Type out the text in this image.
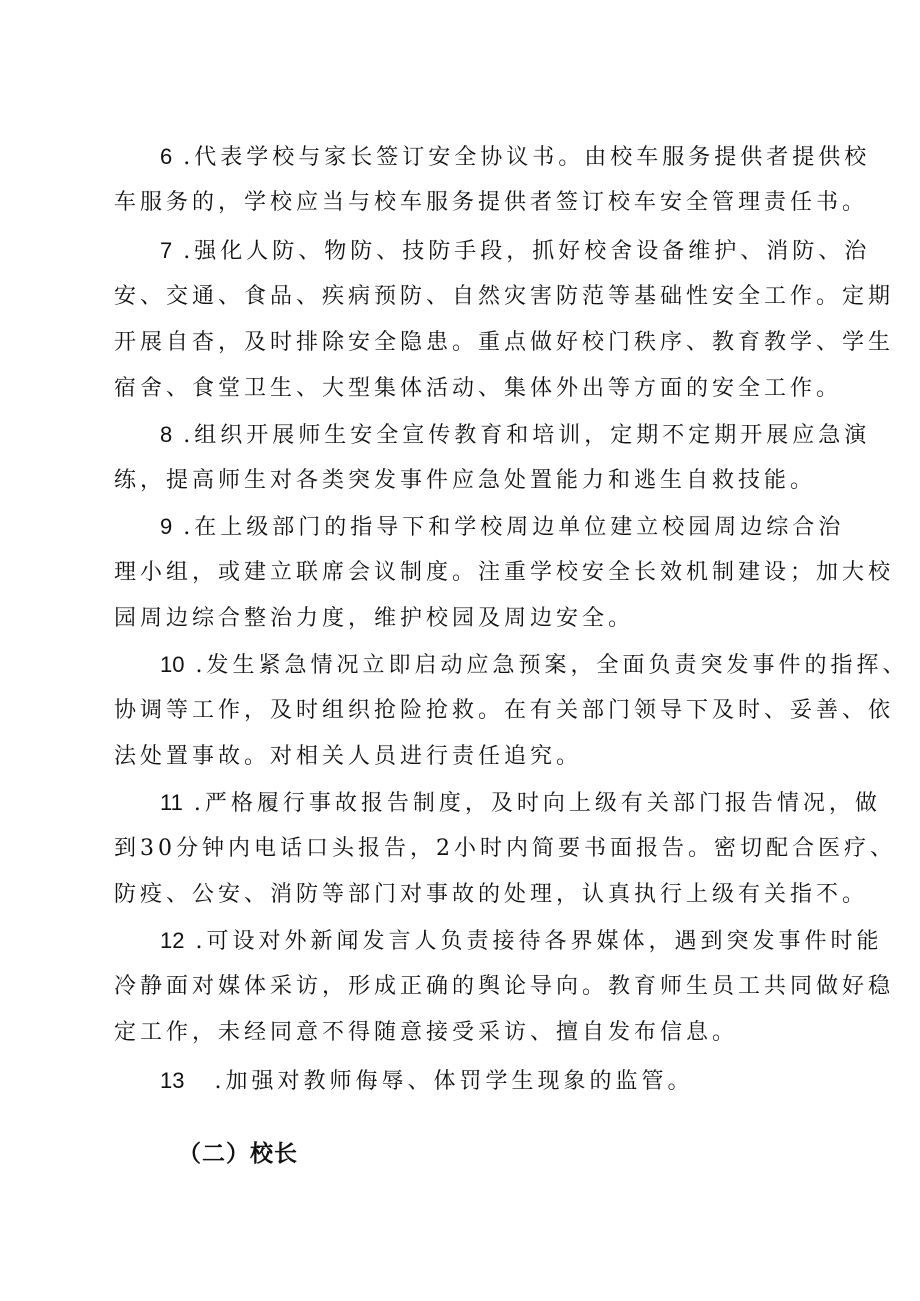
6 .代表学校与家长签订安全协议书。由校车服务提供者提供校
车服务的，学校应当与校车服务提供者签订校车安全管理责任书。
7 .强化人防、物防、技防手段，抓好校舍设备维护、消防、治
安、交通、食品、疾病预防、自然灾害防范等基础性安全工作。定期
开展自杳，及时排除安全隐患。重点做好校门秩序、教育教学、学生
宿舍、食堂卫生、大型集体活动、集体外出等方面的安全工作。
8 .组织开展师生安全宣传教育和培训，定期不定期开展应急演
练，提高师生对各类突发事件应急处置能力和逃生自救技能。
9 .在上级部门的指导下和学校周边单位建立校园周边综合治
理小组，或建立联席会议制度。注重学校安全长效机制建设；加大校
园周边综合整治力度，维护校园及周边安全。
10 .发生紧急情况立即启动应急预案，全面负责突发事件的指挥、
协调等工作，及时组织抢险抢救。在有关部门领导下及时、妥善、依
法处置事故。对相关人员进行责任追究。
11 .严格履行事故报告制度，及时向上级有关部门报告情况，做
到30分钟内电话口头报告，2小时内简要书面报告。密切配合医疗、
防疫、公安、消防等部门对事故的处理，认真执行上级有关指不。
12 .可设对外新闻发言人负责接待各界媒体，遇到突发事件时能
冷静面对媒体采访，形成正确的舆论导向。教育师生员工共同做好稳
定工作，未经同意不得随意接受采访、擅自发布信息。
13 .加强对教师侮辱、体罚学生现象的监管。
（二）校长
